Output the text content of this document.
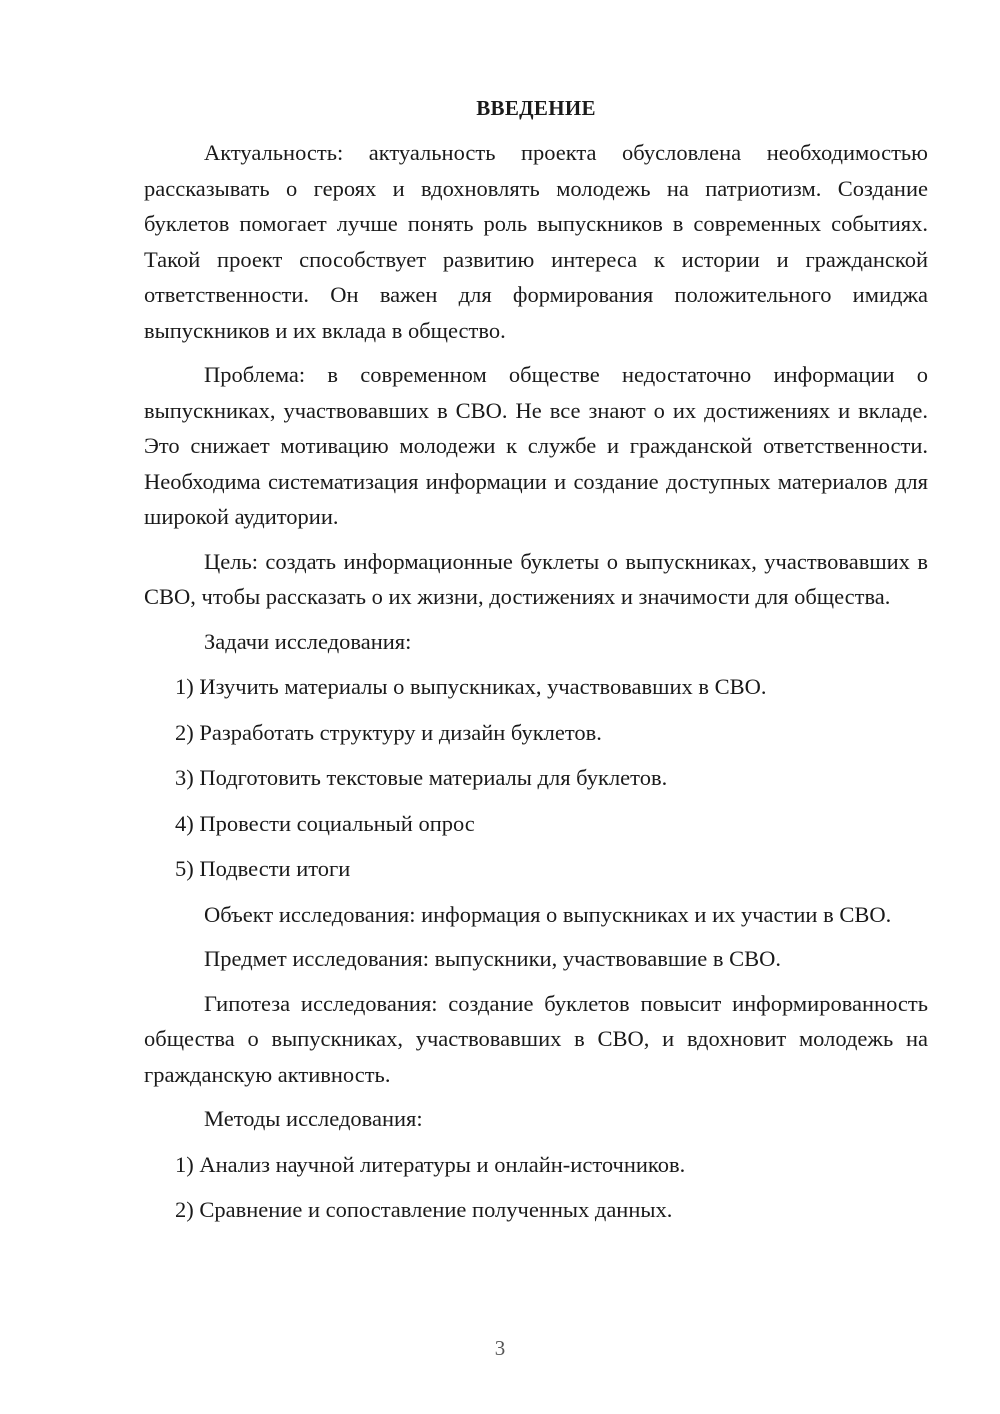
ВВЕДЕНИЕ

Актуальность: актуальность проекта обусловлена необходимостью рассказывать о героях и вдохновлять молодежь на патриотизм. Создание буклетов помогает лучше понять роль выпускников в современных событиях. Такой проект способствует развитию интереса к истории и гражданской ответственности. Он важен для формирования положительного имиджа выпускников и их вклада в общество.

Проблема: в современном обществе недостаточно информации о выпускниках, участвовавших в СВО. Не все знают о их достижениях и вкладе. Это снижает мотивацию молодежи к службе и гражданской ответственности. Необходима систематизация информации и создание доступных материалов для широкой аудитории.

Цель: создать информационные буклеты о выпускниках, участвовавших в СВО, чтобы рассказать о их жизни, достижениях и значимости для общества.

Задачи исследования:
1) Изучить материалы о выпускниках, участвовавших в СВО.
2) Разработать структуру и дизайн буклетов.
3) Подготовить текстовые материалы для буклетов.
4) Провести социальный опрос
5) Подвести итоги

Объект исследования: информация о выпускниках и их участии в СВО.

Предмет исследования: выпускники, участвовавшие в СВО.

Гипотеза исследования: создание буклетов повысит информированность общества о выпускниках, участвовавших в СВО, и вдохновит молодежь на гражданскую активность.

Методы исследования:
1) Анализ научной литературы и онлайн-источников.
2) Сравнение и сопоставление полученных данных.
3
